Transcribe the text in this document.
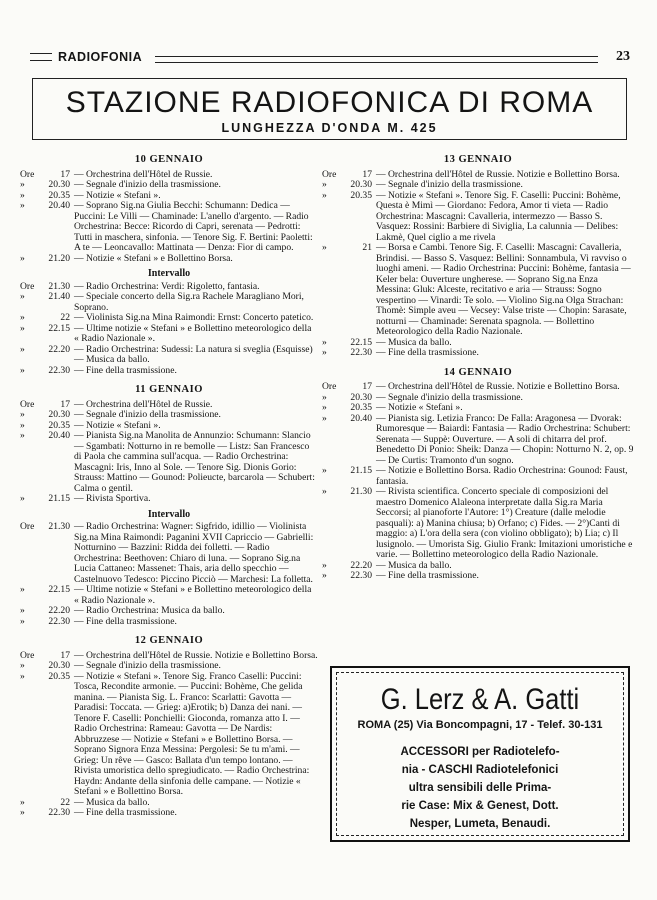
RADIOFONIA	23
STAZIONE RADIOFONICA DI ROMA
LUNGHEZZA D'ONDA M. 425
10 GENNAIO
Ore	17 — Orchestrina dell'Hôtel de Russie.
»	20.30 — Segnale d'inizio della trasmissione.
»	20.35 — Notizie « Stefani ».
»	20.40 — Soprano Sig.na Giulia Becchi: Schumann: Dedica — Puccini: Le Villi — Chaminade: L'anello d'argento. — Radio Orchestrina: Becce: Ricordo di Capri, serenata — Pedrotti: Tutti in maschera, sinfonia. — Tenore Sig. F. Bertini: Paoletti: A te — Leoncavallo: Mattinata — Denza: Fior di campo.
»	21.20 — Notizie « Stefani » e Bollettino Borsa.
Intervallo
Ore	21.30 — Radio Orchestrina: Verdi: Rigoletto, fantasia.
»	21.40 — Speciale concerto della Sig.ra Rachele Maragliano Mori, Soprano.
»	22 — Violinista Sig.na Mina Raimondi: Ernst: Concerto patetico.
»	22.15 — Ultime notizie « Stefani » e Bollettino meteorologico della « Radio Nazionale ».
»	22.20 — Radio Orchestrina: Sudessi: La natura si sveglia (Esquisse) — Musica da ballo.
»	22.30 — Fine della trasmissione.
11 GENNAIO
Ore	17 — Orchestrina dell'Hôtel de Russie.
»	20.30 — Segnale d'inizio della trasmissione.
»	20.35 — Notizie « Stefani ».
»	20.40 — Pianista Sig.na Manolita de Annunzio: Schumann: Slancio — Sgambati: Notturno in re bemolle — Listz: San Francesco di Paola che cammina sull'acqua. — Radio Orchestrina: Mascagni: Iris, Inno al Sole. — Tenore Sig. Dionis Gorio: Strauss: Mattino — Gounod: Polieucte, barcarola — Schubert: Calma o gentil.
»	21.15 — Rivista Sportiva.
Intervallo
Ore	21.30 — Radio Orchestrina: Wagner: Sigfrido, idillio — Violinista Sig.na Mina Raimondi: Paganini XVII Capriccio — Gabrielli: Notturnino — Bazzini: Ridda dei folletti. — Radio Orchestrina: Beethoven: Chiaro di luna. — Soprano Sig.na Lucia Cattaneo: Massenet: Thais, aria dello specchio — Castelnuovo Tedesco: Piccino Picciò — Marchesi: La folletta.
»	22.15 — Ultime notizie « Stefani » e Bollettino meteorologico della « Radio Nazionale ».
»	22.20 — Radio Orchestrina: Musica da ballo.
»	22.30 — Fine della trasmissione.
12 GENNAIO
Ore	17 — Orchestrina dell'Hôtel de Russie. Notizie e Bollettino Borsa.
»	20.30 — Segnale d'inizio della trasmissione.
»	20.35 — Notizie « Stefani ». Tenore Sig. Franco Caselli: Puccini: Tosca, Recondite armonie. — Puccini: Bohème, Che gelida manina. — Pianista Sig. L. Franco: Scarlatti: Gavotta — Paradisi: Toccata. — Grieg: a)Erotik; b) Danza dei nani. — Tenore F. Caselli: Ponchielli: Gioconda, romanza atto I. — Radio Orchestrina: Rameau: Gavotta — De Nardis: Abbruzzese — Notizie « Stefani » e Bollettino Borsa. — Soprano Signora Enza Messina: Pergolesi: Se tu m'ami. — Grieg: Un rêve — Gasco: Ballata d'un tempo lontano. — Rivista umoristica dello spregiudicato. — Radio Orchestrina: Haydn: Andante della sinfonia delle campane. — Notizie « Stefani » e Bollettino Borsa.
»	22 — Musica da ballo.
»	22.30 — Fine della trasmissione.
13 GENNAIO
Ore	17 — Orchestrina dell'Hôtel de Russie. Notizie e Bollettino Borsa.
»	20.30 — Segnale d'inizio della trasmissione.
»	20.35 — Notizie « Stefani ». Tenore Sig. F. Caselli: Puccini: Bohème, Questa è Mimì — Giordano: Fedora, Amor ti vieta — Radio Orchestrina: Mascagni: Cavalleria, intermezzo — Basso S. Vasquez: Rossini: Barbiere di Siviglia, La calunnia — Delibes: Lakmè, Quel ciglio a me rivela
»	21 — Borsa e Cambi. Tenore Sig. F. Caselli: Mascagni: Cavalleria, Brindisi. — Basso S. Vasquez: Bellini: Sonnambula, Vi ravviso o luoghi ameni. — Radio Orchestrina: Puccini: Bohème, fantasia — Keler bela: Ouverture ungherese. — Soprano Sig.na Enza Messina: Gluk: Alceste, recitativo e aria — Strauss: Sogno vespertino — Vinardi: Te solo. — Violino Sig.na Olga Strachan: Thomè: Simple aveu — Vecsey: Valse triste — Chopin: Sarasate, notturni — Chaminade: Serenata spagnola. — Bollettino Meteorologico della Radio Nazionale.
»	22.15 — Musica da ballo.
»	22.30 — Fine della trasmissione.
14 GENNAIO
Ore	17 — Orchestrina dell'Hôtel de Russie. Notizie e Bollettino Borsa.
»	20.30 — Segnale d'inizio della trasmissione.
»	20.35 — Notizie « Stefani ».
»	20.40 — Pianista sig. Letizia Franco: De Falla: Aragonesa — Dvorak: Rumoresque — Baiardi: Fantasia — Radio Orchestrina: Schubert: Serenata — Suppè: Ouverture. — A soli di chitarra del prof. Benedetto Di Ponio: Sheik: Danza — Chopin: Notturno N. 2, op. 9 — De Curtis: Tramonto d'un sogno.
»	21.15 — Notizie e Bollettino Borsa. Radio Orchestrina: Gounod: Faust, fantasia.
»	21.30 — Rivista scientifica. Concerto speciale di composizioni del maestro Domenico Alaleona interpretate dalla Sig.ra Maria Seccorsi; al pianoforte l'Autore: 1°) Creature (dalle melodie pasquali): a) Manina chiusa; b) Orfano; c) Fides. — 2°)Canti di maggio: a) L'ora della sera (con violino obbligato); b) Lia; c) Il lusignolo. — Umorista Sig. Giulio Frank: Imitazioni umoristiche e varie. — Bollettino meteorologico della Radio Nazionale.
»	22.20 — Musica da ballo.
»	22.30 — Fine della trasmissione.
G. Lerz & A. Gatti
ROMA (25) Via Boncompagni, 17 - Telef. 30-131
ACCESSORI per Radiotelefo-
nia - CASCHI Radiotelefonici
ultra sensibili delle Prima-
rie Case: Mix & Genest, Dott.
Nesper, Lumeta, Benaudi.
